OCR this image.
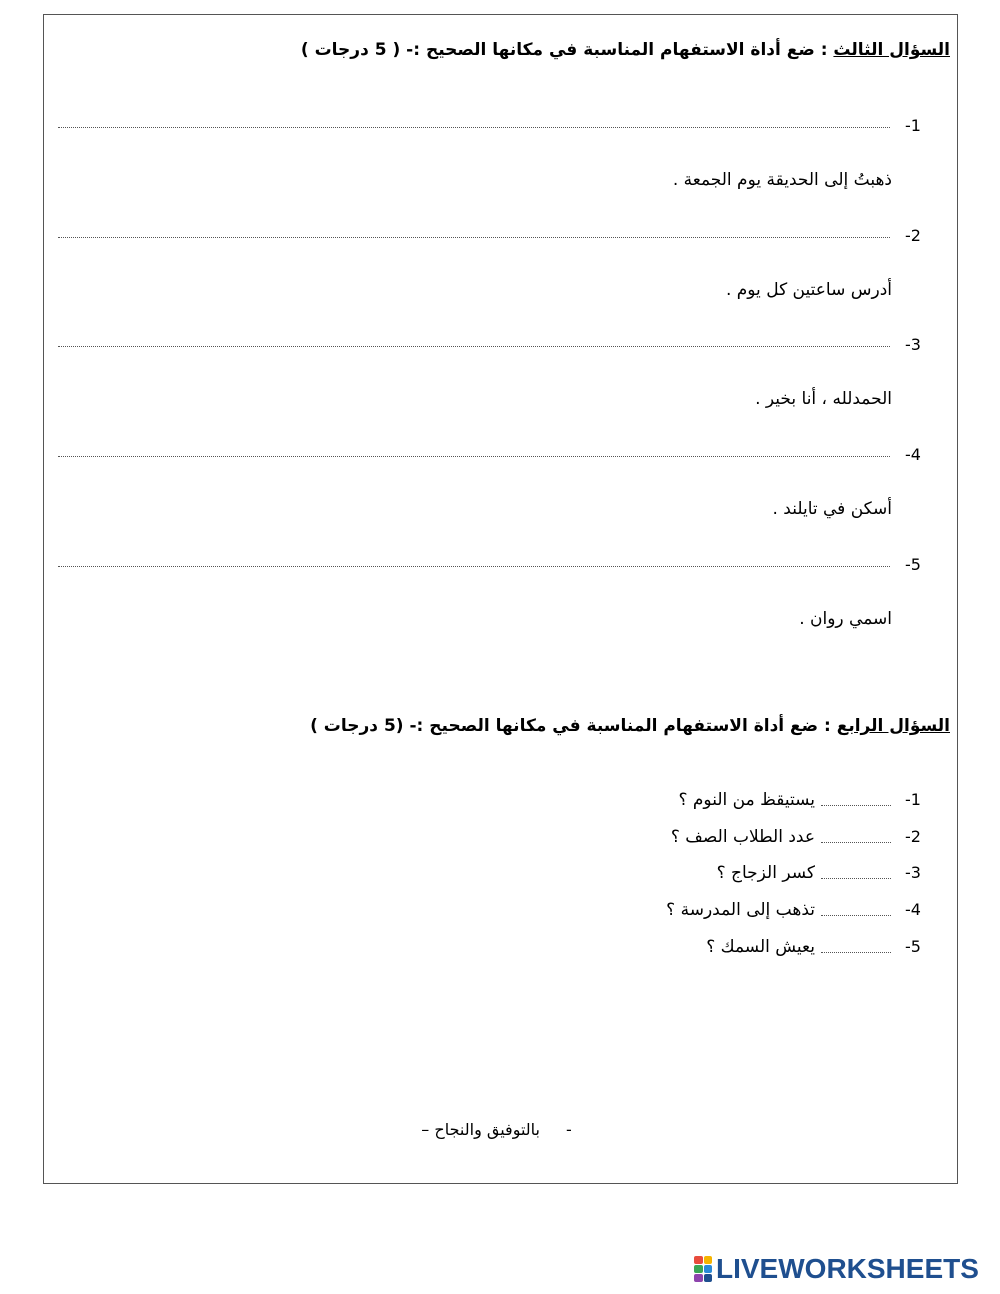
السؤال الثالث : ضع أداة الاستفهام المناسبة في مكانها الصحيح :- ( 5 درجات )
-1
ذهبتُ إلى الحديقة يوم الجمعة .
-2
أدرس ساعتين كل يوم .
-3
الحمدلله ، أنا بخير .
-4
أسكن في تايلند .
-5
اسمي روان .
السؤال الرابع : ضع أداة الاستفهام المناسبة في مكانها الصحيح :- (5 درجات )
-1
يستيقظ من النوم ؟
-2
عدد الطلاب الصف ؟
-3
كسر الزجاج ؟
-4
تذهب إلى المدرسة ؟
-5
يعيش السمك ؟
-
بالتوفيق والنجاح –
LIVEWORKSHEETS
